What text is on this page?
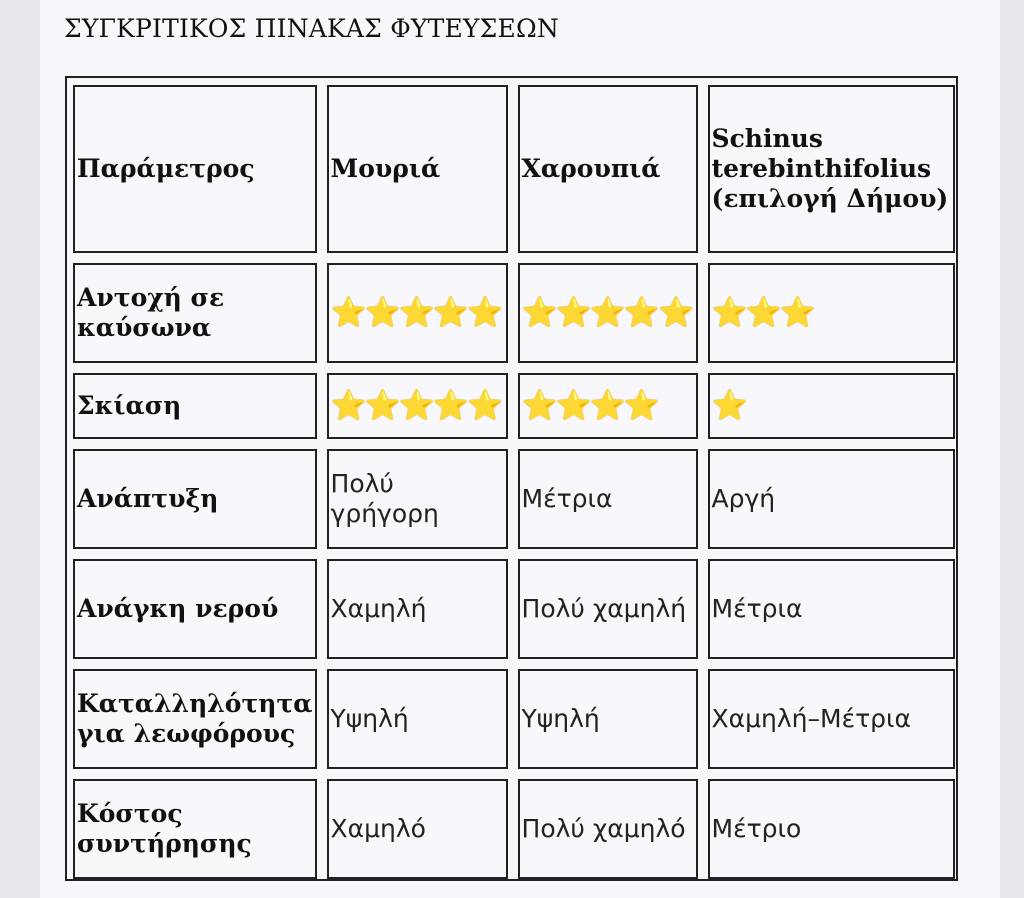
ΣΥΓΚΡΙΤΙΚΟΣ ΠΙΝΑΚΑΣ ΦΥΤΕΥΣΕΩΝ
Παράμετρος	Μουριά	Χαρουπιά	Schinus terebinthifolius (επιλογή Δήμου)
Αντοχή σε καύσωνα	⭐⭐⭐⭐⭐	⭐⭐⭐⭐⭐	⭐⭐⭐
Σκίαση	⭐⭐⭐⭐⭐	⭐⭐⭐⭐	⭐
Ανάπτυξη	Πολύ γρήγορη	Μέτρια	Αργή
Ανάγκη νερού	Χαμηλή	Πολύ χαμηλή	Μέτρια
Καταλληλότητα για λεωφόρους	Υψηλή	Υψηλή	Χαμηλή–Μέτρια
Κόστος συντήρησης	Χαμηλό	Πολύ χαμηλό	Μέτριο
